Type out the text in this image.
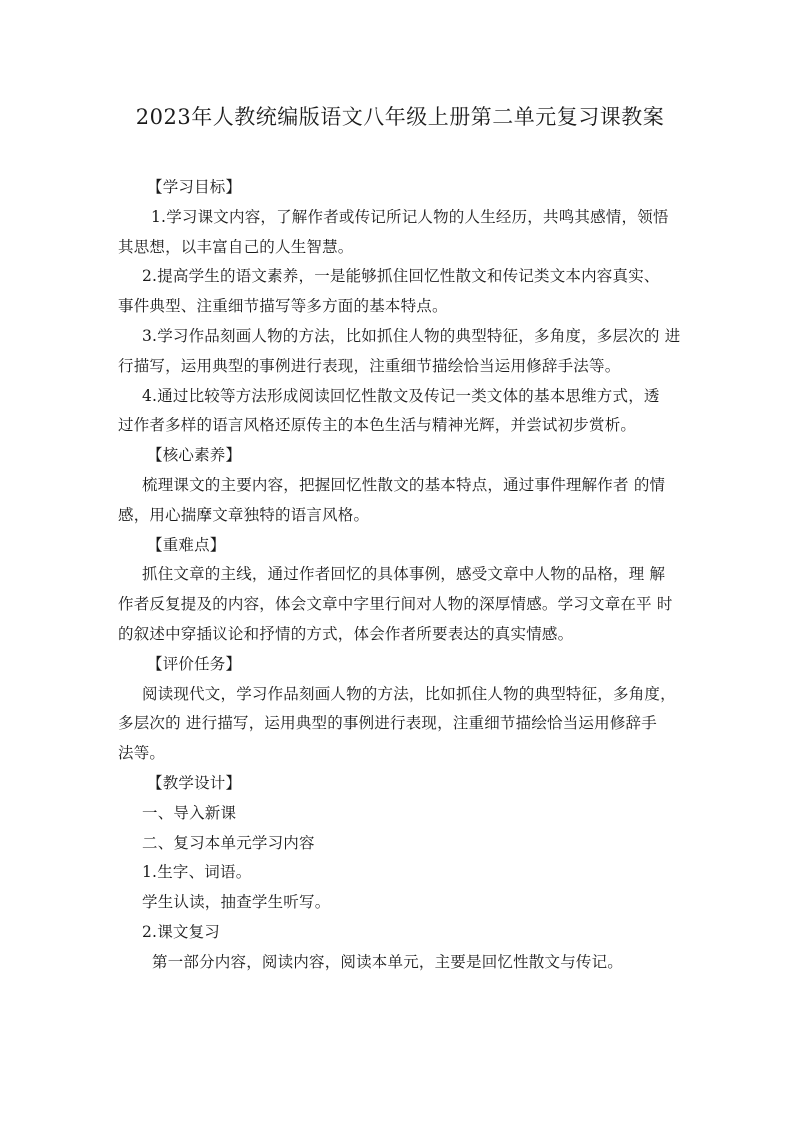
2023年人教统编版语文八年级上册第二单元复习课教案
【学习目标】
1.学习课文内容，了解作者或传记所记人物的人生经历，共鸣其感情，领悟
其思想，以丰富自己的人生智慧。
2.提高学生的语文素养，一是能够抓住回忆性散文和传记类文本内容真实、
事件典型、注重细节描写等多方面的基本特点。
3.学习作品刻画人物的方法，比如抓住人物的典型特征，多角度，多层次的 进
行描写，运用典型的事例进行表现，注重细节描绘恰当运用修辞手法等。
4.通过比较等方法形成阅读回忆性散文及传记一类文体的基本思维方式，透
过作者多样的语言风格还原传主的本色生活与精神光辉，并尝试初步赏析。
【核心素养】
梳理课文的主要内容，把握回忆性散文的基本特点，通过事件理解作者 的情
感，用心揣摩文章独特的语言风格。
【重难点】
抓住文章的主线，通过作者回忆的具体事例，感受文章中人物的品格，理 解
作者反复提及的内容，体会文章中字里行间对人物的深厚情感。学习文章在平 时
的叙述中穿插议论和抒情的方式，体会作者所要表达的真实情感。
【评价任务】
阅读现代文，学习作品刻画人物的方法，比如抓住人物的典型特征，多角度，
多层次的 进行描写，运用典型的事例进行表现，注重细节描绘恰当运用修辞手
法等。
【教学设计】
一、导入新课
二、复习本单元学习内容
1.生字、词语。
学生认读，抽查学生听写。
2.课文复习
第一部分内容，阅读内容，阅读本单元，主要是回忆性散文与传记。
